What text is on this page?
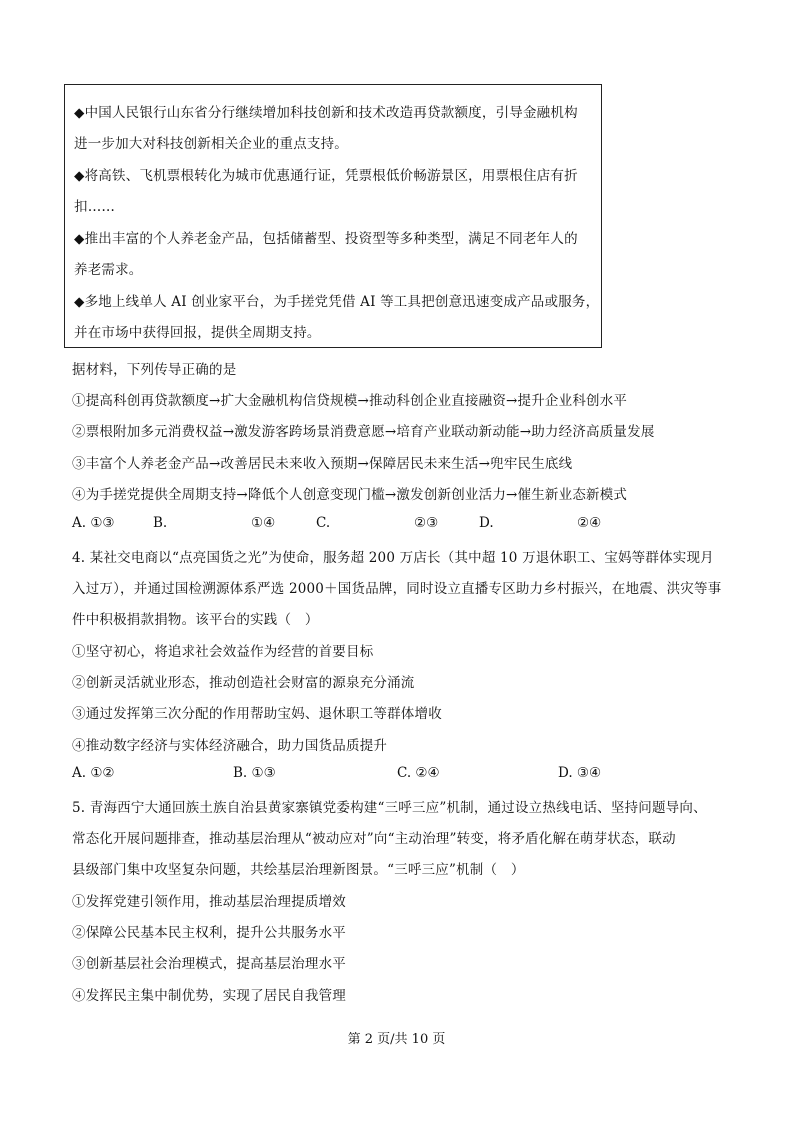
◆中国人民银行山东省分行继续增加科技创新和技术改造再贷款额度，引导金融机构
进一步加大对科技创新相关企业的重点支持。
◆将高铁、飞机票根转化为城市优惠通行证，凭票根低价畅游景区，用票根住店有折
扣……
◆推出丰富的个人养老金产品，包括储蓄型、投资型等多种类型，满足不同老年人的
养老需求。
◆多地上线单人 AI 创业家平台，为手搓党凭借 AI 等工具把创意迅速变成产品或服务，
并在市场中获得回报，提供全周期支持。
据材料，下列传导正确的是
①提高科创再贷款额度→扩大金融机构信贷规模→推动科创企业直接融资→提升企业科创水平
②票根附加多元消费权益→激发游客跨场景消费意愿→培育产业联动新动能→助力经济高质量发展
③丰富个人养老金产品→改善居民未来收入预期→保障居民未来生活→兜牢民生底线
④为手搓党提供全周期支持→降低个人创意变现门槛→激发创新创业活力→催生新业态新模式
A. ①③	B.	①④	C.	②③	D.	②④
4. 某社交电商以“点亮国货之光”为使命，服务超 200 万店长（其中超 10 万退休职工、宝妈等群体实现月
入过万），并通过国检溯源体系严选 2000＋国货品牌，同时设立直播专区助力乡村振兴，在地震、洪灾等事
件中积极捐款捐物。该平台的实践（　）
①坚守初心，将追求社会效益作为经营的首要目标
②创新灵活就业形态，推动创造社会财富的源泉充分涌流
③通过发挥第三次分配的作用帮助宝妈、退休职工等群体增收
④推动数字经济与实体经济融合，助力国货品质提升
A. ①②	B. ①③	C. ②④	D. ③④
5. 青海西宁大通回族土族自治县黄家寨镇党委构建“三呼三应”机制，通过设立热线电话、坚持问题导向、
常态化开展问题排查，推动基层治理从“被动应对”向“主动治理”转变，将矛盾化解在萌芽状态，联动
县级部门集中攻坚复杂问题，共绘基层治理新图景。“三呼三应”机制（　）
①发挥党建引领作用，推动基层治理提质增效
②保障公民基本民主权利，提升公共服务水平
③创新基层社会治理模式，提高基层治理水平
④发挥民主集中制优势，实现了居民自我管理
第 2 页/共 10 页
